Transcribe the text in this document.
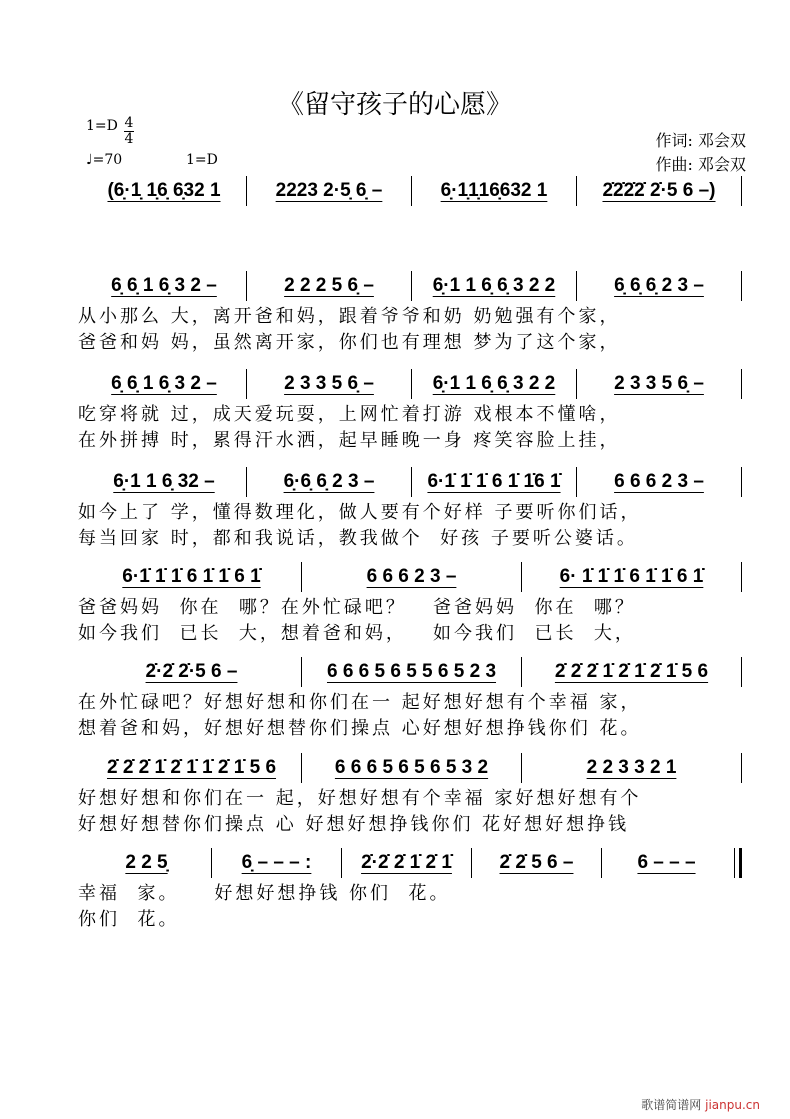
《留守孩子的心愿》
1=D 4
4
♩=70	1=D
作词: 邓会双
作曲: 邓会双
(6̣·1̣ 1̣6̣ 6̣32 1	2223 2·5̣ 6̣ –	6̣·1̣1̣16̣632 1	2̇2̇2̇2̇ 2̇·5 6 –)
6̣ 6̣ 1 6̣ 3 2 –	2 2 2 5 6̣ –	6̣·1 1 6̣ 6̣ 3 2 2	6̣ 6̣ 6̣ 2 3 –
从小那么 大，离开爸和妈，跟着爷爷和奶 奶勉强有个家，
爸爸和妈 妈，虽然离开家，你们也有理想 梦为了这个家，
6̣ 6̣ 1 6̣ 3 2 –	2 3 3 5 6̣ –	6̣·1 1 6̣ 6̣ 3 2 2	2 3 3 5 6̣ –
吃穿将就 过，成天爱玩耍，上网忙着打游 戏根本不懂啥，
在外拼搏 时，累得汗水洒，起早睡晚一身 疼笑容脸上挂，
6̣·1 1 6̣ 32 –	6̣·6̣ 6̣ 2 3 –	6·1̇ 1̇ 1̇ 6 1̇ 1̇6 1̇	6 6 6 2 3 –
如今上了 学，懂得数理化，做人要有个好样 子要听你们话，
每当回家 时，都和我说话，教我做个  好孩 子要听公婆话。
6·1̇ 1̇ 1̇ 6 1̇ 1̇ 6 1̇	6 6 6 2 3 –	6· 1̇ 1̇ 1̇ 6 1̇ 1̇ 6 1̇
爸爸妈妈  你在  哪？在外忙碌吧？   爸爸妈妈  你在  哪？
如今我们  已长  大，想着爸和妈，   如今我们  已长  大，
2̇·2̇ 2̇·5 6 –	6 6 6 5 6 5 5 6 5 2 3	2̇ 2̇ 2̇ 1̇ 2̇ 1̇ 2̇ 1̇ 5 6
在外忙碌吧？好想好想和你们在一 起好想好想有个幸福 家，
想着爸和妈，好想好想替你们操点 心好想好想挣钱你们 花。
2̇ 2̇ 2̇ 1̇ 2̇ 1̇ 1̇ 2̇ 1̇ 5 6	6 6 6 5 6 5 6 5 3 2	2 2 3 3 2 1
好想好想和你们在一 起，好想好想有个幸福 家好想好想有个
好想好想替你们操点 心 好想好想挣钱你们 花好想好想挣钱
2 2 5̣	6̣ – – – :	2̇·2̇ 2̇ 1̇ 2̇ 1̇	2̇ 2̇ 5 6 –	6 – – –
幸福  家。    好想好想挣钱 你们  花。
你们  花。
歌谱简谱网 jianpu.cn
